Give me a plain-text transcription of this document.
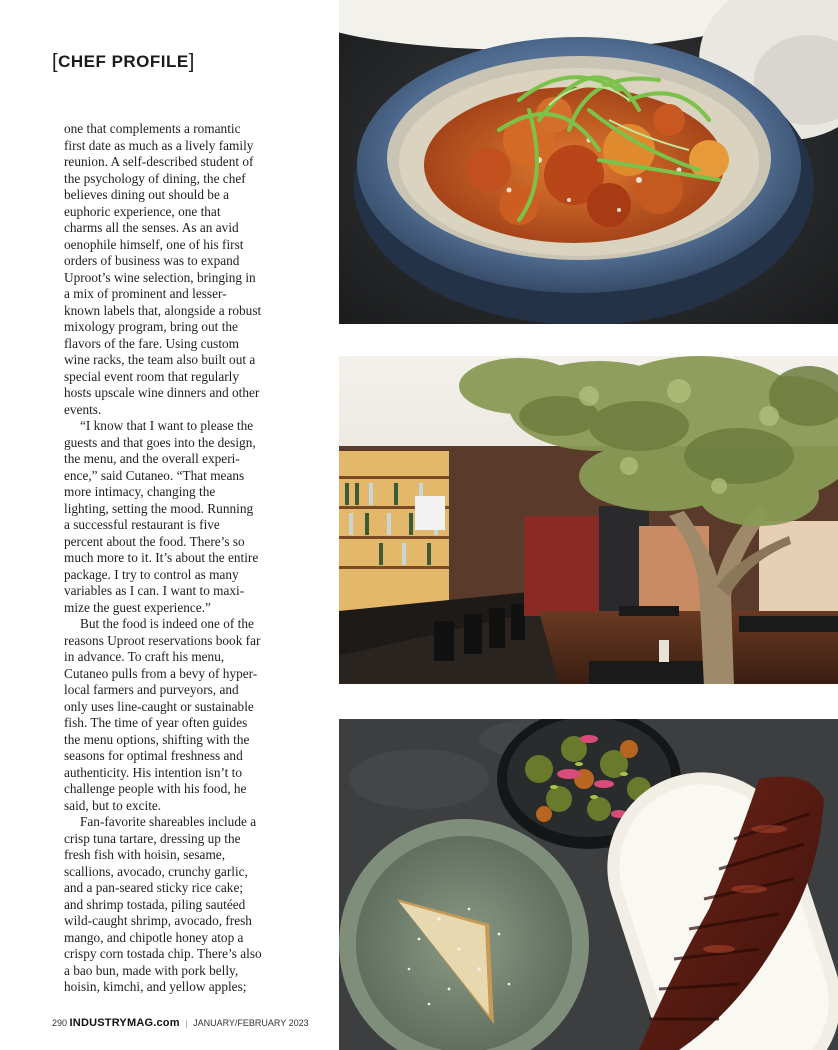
[CHEF PROFILE]

one that complements a romantic first date as much as a lively family reunion. A self-described student of the psychology of dining, the chef believes dining out should be a euphoric experience, one that charms all the senses. As an avid oenophile himself, one of his first orders of business was to expand Uproot’s wine selection, bringing in a mix of prominent and lesser-known labels that, alongside a robust mixology program, bring out the flavors of the fare. Using custom wine racks, the team also built out a special event room that regularly hosts upscale wine dinners and other events.

“I know that I want to please the guests and that goes into the design, the menu, and the overall experience,” said Cutaneo. “That means more intimacy, changing the lighting, setting the mood. Running a successful restaurant is five percent about the food. There’s so much more to it. It’s about the entire package. I try to control as many variables as I can. I want to maximize the guest experience.”

But the food is indeed one of the reasons Uproot reservations book far in advance. To craft his menu, Cutaneo pulls from a bevy of hyper-local farmers and purveyors, and only uses line-caught or sustainable fish. The time of year often guides the menu options, shifting with the seasons for optimal freshness and authenticity. His intention isn’t to challenge people with his food, he said, but to excite.

Fan-favorite shareables include a crisp tuna tartare, dressing up the fresh fish with hoisin, sesame, scallions, avocado, crunchy garlic, and a pan-seared sticky rice cake; and shrimp tostada, piling sautéed wild-caught shrimp, avocado, fresh mango, and chipotle honey atop a crispy corn tostada chip. There’s also a bao bun, made with pork belly, hoisin, kimchi, and yellow apples;

290 INDUSTRYMAG.com | JANUARY/FEBRUARY 2023
